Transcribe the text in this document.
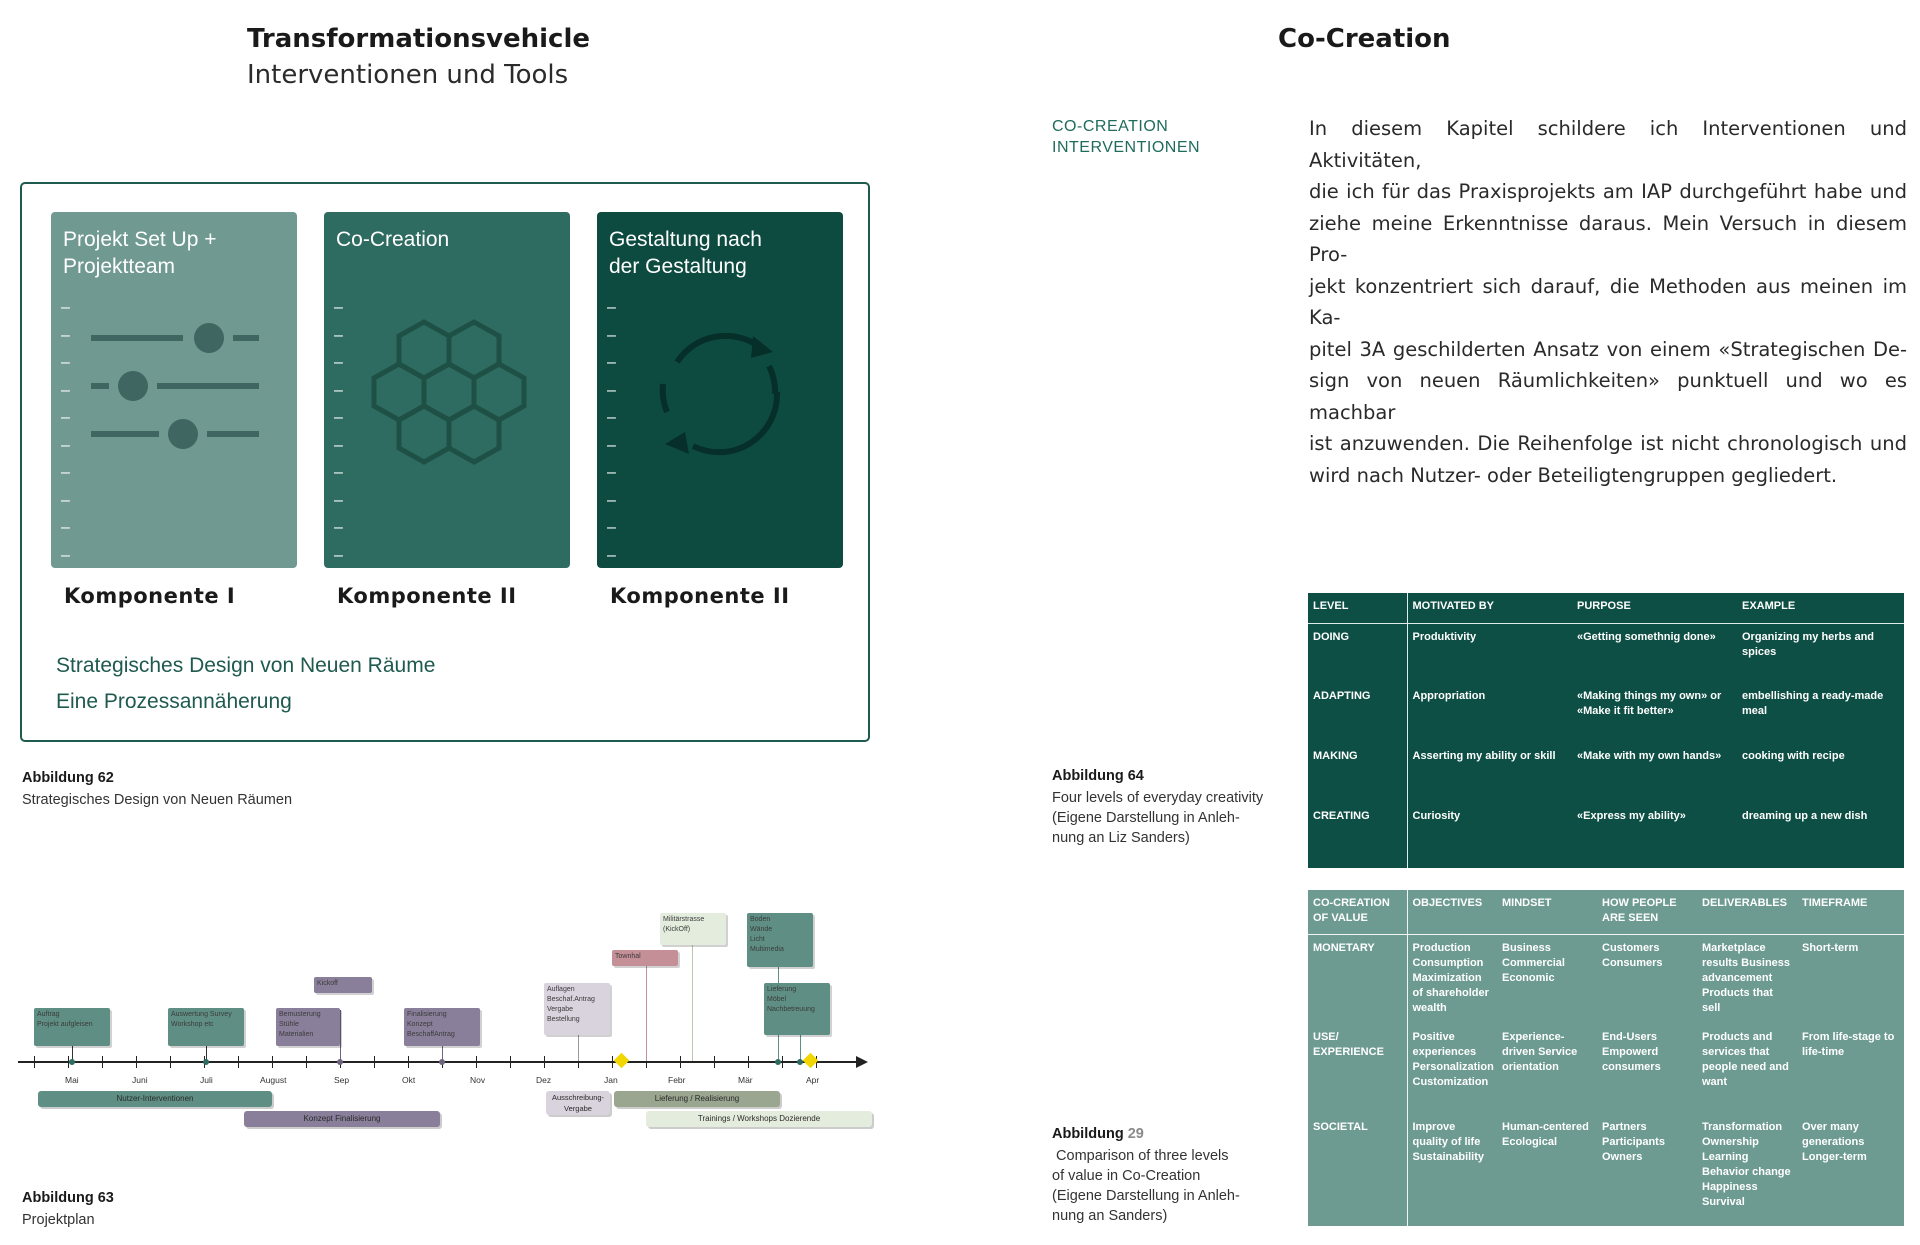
Transformationsvehicle
Interventionen und Tools
Projekt Set Up +
Projektteam
–
–
–
–
–
–
–
–
–
–
Co-Creation
–
–
–
–
–
–
–
–
–
–
Gestaltung nach
der Gestaltung
–
–
–
–
–
–
–
–
–
–
Komponente I	Komponente II	Komponente II
Strategisches Design von Neuen Räume
Eine Prozessannäherung
Abbildung 62
Strategisches Design von Neuen Räumen
Mai	Juni	Juli	August	Sep	Okt	Nov	Dez	Jan	Febr	Mär	Apr
Auftrag
Projekt aufgleisen
Auswertung Survey
Workshop etc
Kickoff
Bemusterung
Stühle
Materialien
Finalisierung
Konzept
BeschaffAntrag
Auflagen
Beschaf.Antrag
Vergabe
Bestellung
Townhal
Militärstrasse
(KickOff)
Boden
Wände
Licht
Multimedia
Lieferung
Möbel
Nachbetreuung
Nutzer-Interventionen
Konzept Finalisierung
Ausschreibung-
Vergabe
Lieferung / Realisierung
Trainings / Workshops Dozierende
Abbildung 63
Projektplan
Co-Creation
CO-CREATION
INTERVENTIONEN
In diesem Kapitel schildere ich Interventionen und Aktivitäten,
die ich für das Praxisprojekts am IAP durchgeführt habe und
ziehe meine Erkenntnisse daraus. Mein Versuch in diesem Pro-
jekt konzentriert sich darauf, die Methoden aus meinen im Ka-
pitel 3A geschilderten Ansatz von einem «Strategischen De-
sign von neuen Räumlichkeiten» punktuell und wo es machbar
ist anzuwenden. Die Reihenfolge ist nicht chronologisch und
wird nach Nutzer- oder Beteiligtengruppen gegliedert.
LEVEL	MOTIVATED BY	PURPOSE	EXAMPLE
DOING	Produktivity	«Getting somethnig done»	Organizing my herbs and spices
ADAPTING	Appropriation	«Making things my own» or «Make it fit better»	embellishing a ready-made meal
MAKING	Asserting my ability or skill	«Make with my own hands»	cooking with recipe
CREATING	Curiosity	«Express my ability»	dreaming up a new dish
Abbildung 64
Four levels of everyday creativity
(Eigene Darstellung in Anleh-
nung an Liz Sanders)
CO-CREATION OF VALUE	OBJECTIVES	MINDSET	HOW PEOPLE ARE SEEN	DELIVERABLES	TIMEFRAME
MONETARY	Production Consumption Maximization of shareholder wealth	Business Commercial Economic	Customers Consumers	Marketplace results Business advancement Products that sell	Short-term
USE/ EXPERIENCE	Positive experiences Personalization Customization	Experience-driven Service orientation	End-Users Empowerd consumers	Products and services that people need and want	From life-stage to life-time
SOCIETAL	Improve quality of life Sustainability	Human-centered Ecological	Partners Participants Owners	Transformation Ownership Learning Behavior change Happiness Survival	Over many generations Longer-term
Abbildung 29
Comparison of three levels
of value in Co-Creation
(Eigene Darstellung in Anleh-
nung an Sanders)
